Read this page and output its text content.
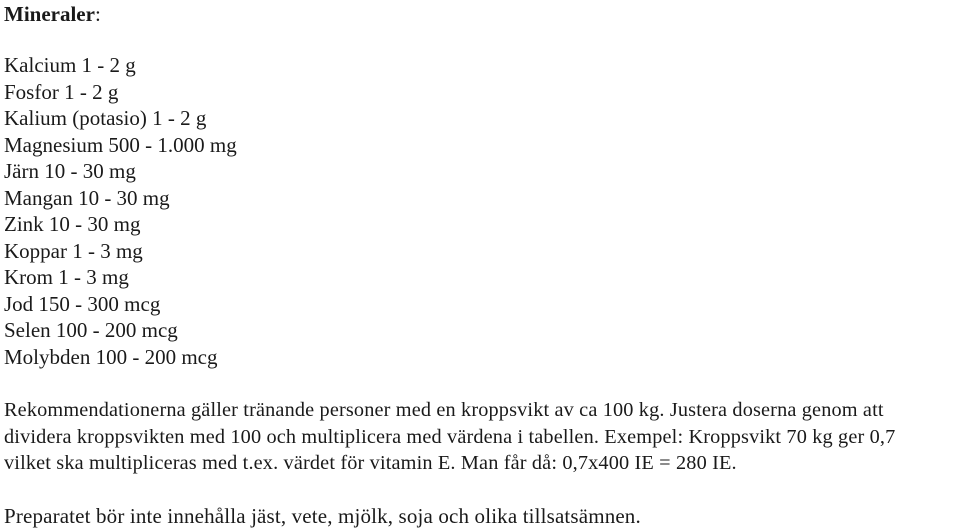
Mineraler:
Kalcium 1 - 2 g
Fosfor 1 - 2 g
Kalium (potasio) 1 - 2 g
Magnesium 500 - 1.000 mg
Järn 10 - 30 mg
Mangan 10 - 30 mg
Zink 10 - 30 mg
Koppar 1 - 3 mg
Krom 1 - 3 mg
Jod 150 - 300 mcg
Selen 100 - 200 mcg
Molybden 100 - 200 mcg

Rekommendationerna gäller tränande personer med en kroppsvikt av ca 100 kg. Justera doserna genom att
dividera kroppsvikten med 100 och multiplicera med värdena i tabellen. Exempel: Kroppsvikt 70 kg ger 0,7
vilket ska multipliceras med t.ex. värdet för vitamin E. Man får då: 0,7x400 IE = 280 IE.

Preparatet bör inte innehålla jäst, vete, mjölk, soja och olika tillsatsämnen.
